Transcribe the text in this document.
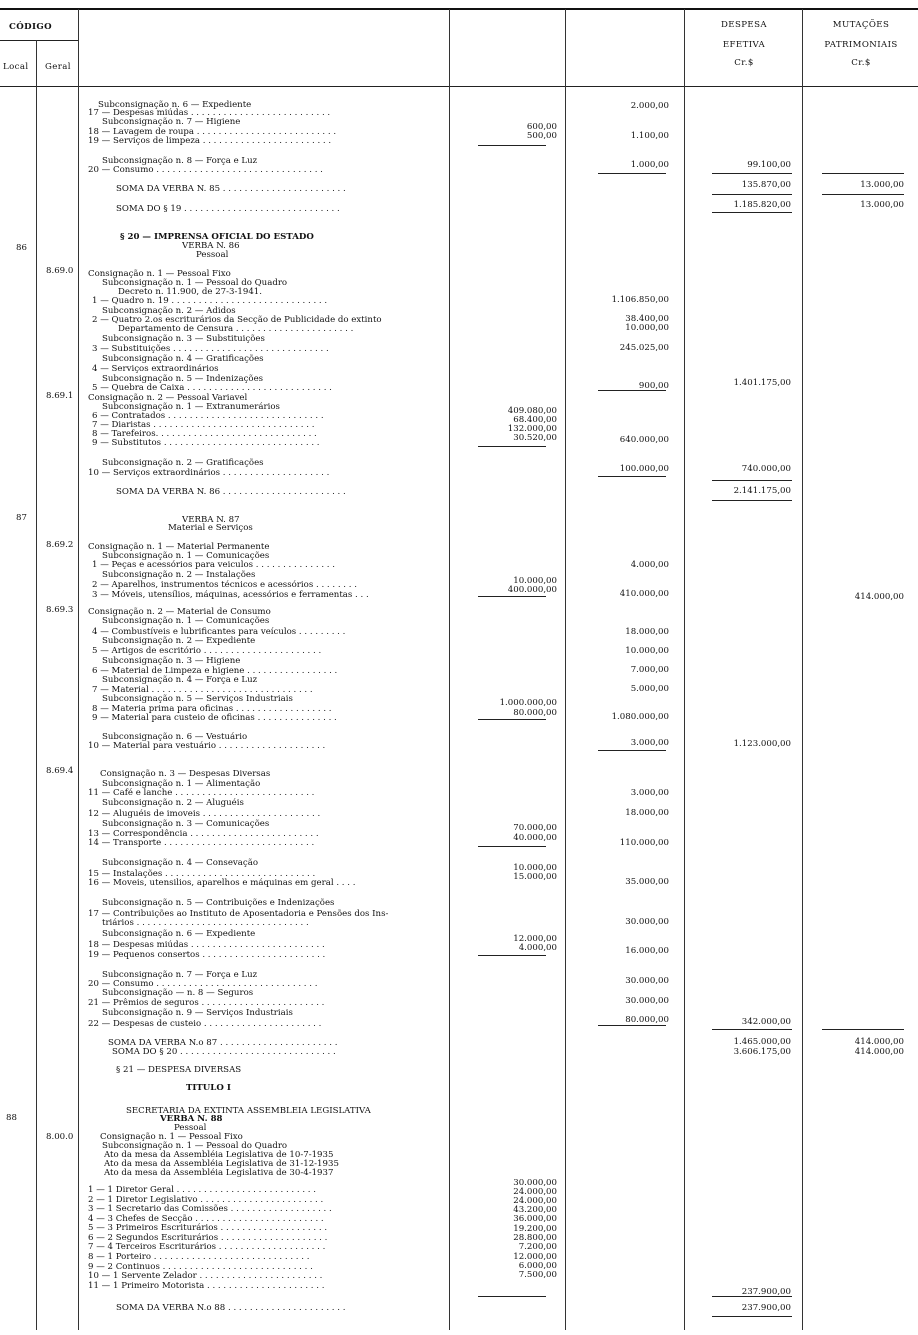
CÓDIGO
Local Geral
DESPESA
EFETIVA
Cr.$
MUTAÇÕES
PATRIMONIAIS
Cr.$
86
87
88
8.69.0
8.69.1
8.69.2
8.69.3
8.69.4
8.00.0
Subconsignação n. 6 — Expediente
17 — Despesas miúdas . . . . . . . . . . . . . . . . . . . . . . . . . .
Subconsignação n. 7 — Higiene
18 — Lavagem de roupa . . . . . . . . . . . . . . . . . . . . . . . . . .
19 — Serviços de limpeza . . . . . . . . . . . . . . . . . . . . . . . .
Subconsignação n. 8 — Força e Luz
20 — Consumo . . . . . . . . . . . . . . . . . . . . . . . . . . . . . . .
SOMA DA VERBA N. 85 . . . . . . . . . . . . . . . . . . . . . . .
SOMA DO § 19 . . . . . . . . . . . . . . . . . . . . . . . . . . . . .
§ 20 — IMPRENSA OFICIAL DO ESTADO
VERBA N. 86
Pessoal
Consignação n. 1 — Pessoal Fixo
Subconsignação n. 1 — Pessoal do Quadro
Decreto n. 11.900, de 27-3-1941.
1 — Quadro n. 19 . . . . . . . . . . . . . . . . . . . . . . . . . . . . .
Subconsignação n. 2 — Adidos
2 — Quatro 2.os escriturários da Secção de Publicidade do extinto
Departamento de Censura . . . . . . . . . . . . . . . . . . . . . .
Subconsignação n. 3 — Substituições
3 — Substituições . . . . . . . . . . . . . . . . . . . . . . . . . . . . .
Subconsignação n. 4 — Gratificações
4 — Serviços extraordinários
Subconsignação n. 5 — Indenizações
5 — Quebra de Caixa . . . . . . . . . . . . . . . . . . . . . . . . . . .
Consignação n. 2 — Pessoal Variavel
Subconsignação n. 1 — Extranumerários
6 — Contratados . . . . . . . . . . . . . . . . . . . . . . . . . . . . .
7 — Diaristas . . . . . . . . . . . . . . . . . . . . . . . . . . . . . .
8 — Tarefeiros. . . . . . . . . . . . . . . . . . . . . . . . . . . . . .
9 — Substitutos . . . . . . . . . . . . . . . . . . . . . . . . . . . . .
Subconsignação n. 2 — Gratificações
10 — Serviços extraordinários . . . . . . . . . . . . . . . . . . . .
SOMA DA VERBA N. 86 . . . . . . . . . . . . . . . . . . . . . . .
VERBA N. 87
Material e Serviços
Consignação n. 1 — Material Permanente
Subconsignação n. 1 — Comunicações
1 — Peças e acessórios para veiculos . . . . . . . . . . . . . . .
Subconsignação n. 2 — Instalações
2 — Aparelhos, instrumentos técnicos e acessórios . . . . . . . .
3 — Móveis, utensílios, máquinas, acessórios e ferramentas . . .
Consignação n. 2 — Material de Consumo
Subconsignação n. 1 — Comunicações
4 — Combustíveis e lubrificantes para veículos . . . . . . . . .
Subconsignação n. 2 — Expediente
5 — Artigos de escritório . . . . . . . . . . . . . . . . . . . . . .
Subconsignação n. 3 — Higiene
6 — Material de Limpeza e higiene . . . . . . . . . . . . . . . . .
Subconsignação n. 4 — Força e Luz
7 — Material . . . . . . . . . . . . . . . . . . . . . . . . . . . . . .
Subconsignação n. 5 — Serviços Industriais
8 — Materia prima para oficinas . . . . . . . . . . . . . . . . . .
9 — Material para custeio de oficinas . . . . . . . . . . . . . . .
Subconsignação n. 6 — Vestuário
10 — Material para vestuário . . . . . . . . . . . . . . . . . . . .
Consignação n. 3 — Despesas Diversas
Subconsignação n. 1 — Alimentação
11 — Café e lanche . . . . . . . . . . . . . . . . . . . . . . . . . .
Subconsignação n. 2 — Aluguéis
12 — Aluguéis de imoveis . . . . . . . . . . . . . . . . . . . . . .
Subconsignação n. 3 — Comunicações
13 — Correspondência . . . . . . . . . . . . . . . . . . . . . . . .
14 — Transporte . . . . . . . . . . . . . . . . . . . . . . . . . . . .
Subconsignação n. 4 — Consevação
15 — Instalações . . . . . . . . . . . . . . . . . . . . . . . . . . . .
16 — Moveis, utensilios, aparelhos e máquinas em geral . . . .
Subconsignação n. 5 — Contribuições e Indenizações
17 — Contribuições ao Instituto de Aposentadoria e Pensões dos Ins-
triários . . . . . . . . . . . . . . . . . . . . . . . . . . . . . . . .
Subconsignação n. 6 — Expediente
18 — Despesas miúdas . . . . . . . . . . . . . . . . . . . . . . . . .
19 — Pequenos consertos . . . . . . . . . . . . . . . . . . . . . . .
Subconsignação n. 7 — Força e Luz
20 — Consumo . . . . . . . . . . . . . . . . . . . . . . . . . . . . . .
Subconsignação — n. 8 — Seguros
21 — Prêmios de seguros . . . . . . . . . . . . . . . . . . . . . . .
Subconsignação n. 9 — Serviços Industriais
22 — Despesas de custeio . . . . . . . . . . . . . . . . . . . . . .
SOMA DA VERBA N.o 87 . . . . . . . . . . . . . . . . . . . . . .
SOMA DO § 20 . . . . . . . . . . . . . . . . . . . . . . . . . . . . .
§ 21 — DESPESA DIVERSAS
TITULO I
SECRETARIA DA EXTINTA ASSEMBLEIA LEGISLATIVA
VERBA N. 88
Pessoal
Consignação n. 1 — Pessoal Fixo
Subconsignação n. 1 — Pessoal do Quadro
Ato da mesa da Assembléia Legislativa de 10-7-1935
Ato da mesa da Assembléia Legislativa de 31-12-1935
Ato da mesa da Assembléia Legislativa de 30-4-1937
1 — 1 Diretor Geral . . . . . . . . . . . . . . . . . . . . . . . . . .
2 — 1 Diretor Legislativo . . . . . . . . . . . . . . . . . . . . . . .
3 — 1 Secretario das Comissões . . . . . . . . . . . . . . . . . . .
4 — 3 Chefes de Secção . . . . . . . . . . . . . . . . . . . . . . . .
5 — 3 Primeiros Escriturários . . . . . . . . . . . . . . . . . . . .
6 — 2 Segundos Escriturários . . . . . . . . . . . . . . . . . . . .
7 — 4 Terceiros Escriturários . . . . . . . . . . . . . . . . . . . .
8 — 1 Porteiro . . . . . . . . . . . . . . . . . . . . . . . . . . . . .
9 — 2 Continuos . . . . . . . . . . . . . . . . . . . . . . . . . . . .
10 — 1 Servente Zelador . . . . . . . . . . . . . . . . . . . . . . .
11 — 1 Primeiro Motorista . . . . . . . . . . . . . . . . . . . . . .
SOMA DA VERBA N.o 88 . . . . . . . . . . . . . . . . . . . . . .
600,00
500,00
409.080,00
68.400,00
132.000,00
30.520,00
10.000,00
400.000,00
1.000.000,00
80.000,00
70.000,00
40.000,00
10.000,00
15.000,00
12.000,00
4.000,00
30.000,00
24.000,00
24.000,00
43.200,00
36.000,00
19.200,00
28.800,00
7.200,00
12.000,00
6.000,00
7.500,00
2.000,00
1.100,00
1.000,00
1.106.850,00
38.400,00
10.000,00
245.025,00
900,00
640.000,00
100.000,00
4.000,00
410.000,00
18.000,00
10.000,00
7.000,00
5.000,00
1.080.000,00
3.000,00
3.000,00
18.000,00
110.000,00
35.000,00
30.000,00
16.000,00
30.000,00
30.000,00
80.000,00
99.100,00
135.870,00
1.185.820,00
1.401.175,00
740.000,00
2.141.175,00
1.123.000,00
342.000,00
1.465.000,00
3.606.175,00
237.900,00
237.900,00
13.000,00
13.000,00
414.000,00
414.000,00
414.000,00
